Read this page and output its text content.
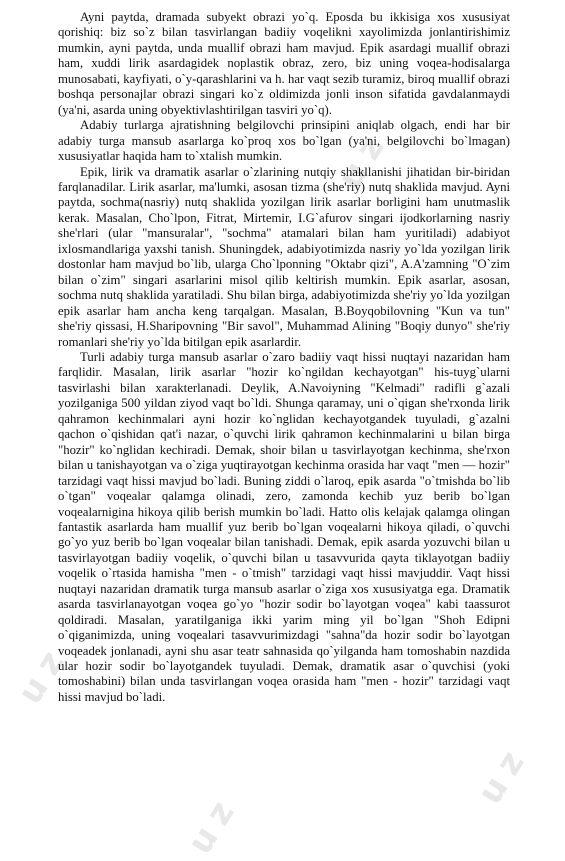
uz
uz
uz
uz

Ayni paytda, dramada subyekt obrazi yo`q. Eposda bu ikkisiga xos xususiyat qorishiq: biz so`z bilan tasvirlangan badiiy voqelikni xayolimizda jonlantirishimiz mumkin, ayni paytda, unda muallif obrazi ham mavjud. Epik asardagi muallif obrazi ham, xuddi lirik asardagidek noplastik obraz, zero, biz uning voqea-hodisalarga munosabati, kayfiyati, o`y-qarashlarini va h. har vaqt sezib turamiz, biroq muallif obrazi boshqa personajlar obrazi singari ko`z oldimizda jonli inson sifatida gavdalanmaydi (ya'ni, asarda uning obyektivlashtirilgan tasviri yo`q).

Adabiy turlarga ajratishning belgilovchi prinsipini aniqlab olgach, endi har bir adabiy turga mansub asarlarga ko`proq xos bo`lgan (ya'ni, belgilovchi bo`lmagan) xususiyatlar haqida ham to`xtalish mumkin.

Epik, lirik va dramatik asarlar o`zlarining nutqiy shakllanishi jihatidan bir-biridan farqlanadilar. Lirik asarlar, ma'lumki, asosan tizma (she'riy) nutq shaklida mavjud. Ayni paytda, sochma(nasriy) nutq shaklida yozilgan lirik asarlar borligini ham unutmaslik kerak. Masalan, Cho`lpon, Fitrat, Mirtemir, I.G`afurov singari ijodkorlarning nasriy she'rlari (ular "mansuralar", "sochma" atamalari bilan ham yuritiladi) adabiyot ixlosmandlariga yaxshi tanish. Shuningdek, adabiyotimizda nasriy yo`lda yozilgan lirik dostonlar ham mavjud bo`lib, ularga Cho`lponning "Oktabr qizi", A.A'zamning "O`zim bilan o`zim" singari asarlarini misol qilib keltirish mumkin. Epik asarlar, asosan, sochma nutq shaklida yaratiladi. Shu bilan birga, adabiyotimizda she'riy yo`lda yozilgan epik asarlar ham ancha keng tarqalgan. Masalan, B.Boyqobilovning "Kun va tun" she'riy qissasi, H.Sharipovning "Bir savol", Muhammad Alining "Boqiy dunyo" she'riy romanlari she'riy yo`lda bitilgan epik asarlardir.

Turli adabiy turga mansub asarlar o`zaro badiiy vaqt hissi nuqtayi nazaridan ham farqlidir. Masalan, lirik asarlar "hozir ko`ngildan kechayotgan" his-tuyg`ularni tasvirlashi bilan xarakterlanadi. Deylik, A.Navoiyning "Kelmadi" radifli g`azali yozilganiga 500 yildan ziyod vaqt bo`ldi. Shunga qaramay, uni o`qigan she'rxonda lirik qahramon kechinmalari ayni hozir ko`nglidan kechayotgandek tuyuladi, g`azalni qachon o`qishidan qat'i nazar, o`quvchi lirik qahramon kechinmalarini u bilan birga "hozir" ko`nglidan kechiradi. Demak, shoir bilan u tasvirlayotgan kechinma, she'rxon bilan u tanishayotgan va o`ziga yuqtirayotgan kechinma orasida har vaqt "men — hozir" tarzidagi vaqt hissi mavjud bo`ladi. Buning ziddi o`laroq, epik asarda "o`tmishda bo`lib o`tgan" voqealar qalamga olinadi, zero, zamonda kechib yuz berib bo`lgan voqealarnigina hikoya qilib berish mumkin bo`ladi. Hatto olis kelajak qalamga olingan fantastik asarlarda ham muallif yuz berib bo`lgan voqealarni hikoya qiladi, o`quvchi go`yo yuz berib bo`lgan voqealar bilan tanishadi. Demak, epik asarda yozuvchi bilan u tasvirlayotgan badiiy voqelik, o`quvchi bilan u tasavvurida qayta tiklayotgan badiiy voqelik o`rtasida hamisha "men - o`tmish" tarzidagi vaqt hissi mavjuddir. Vaqt hissi nuqtayi nazaridan dramatik turga mansub asarlar o`ziga xos xususiyatga ega. Dramatik asarda tasvirlanayotgan voqea go`yo "hozir sodir bo`layotgan voqea" kabi taassurot qoldiradi. Masalan, yaratilganiga ikki yarim ming yil bo`lgan "Shoh Edipni o`qiganimizda, uning voqealari tasavvurimizdagi "sahna"da hozir sodir bo`layotgan voqeadek jonlanadi, ayni shu asar teatr sahnasida qo`yilganda ham tomoshabin nazdida ular hozir sodir bo`layotgandek tuyuladi. Demak, dramatik asar o`quvchisi (yoki tomoshabini) bilan unda tasvirlangan voqea orasida ham "men - hozir" tarzidagi vaqt hissi mavjud bo`ladi.
